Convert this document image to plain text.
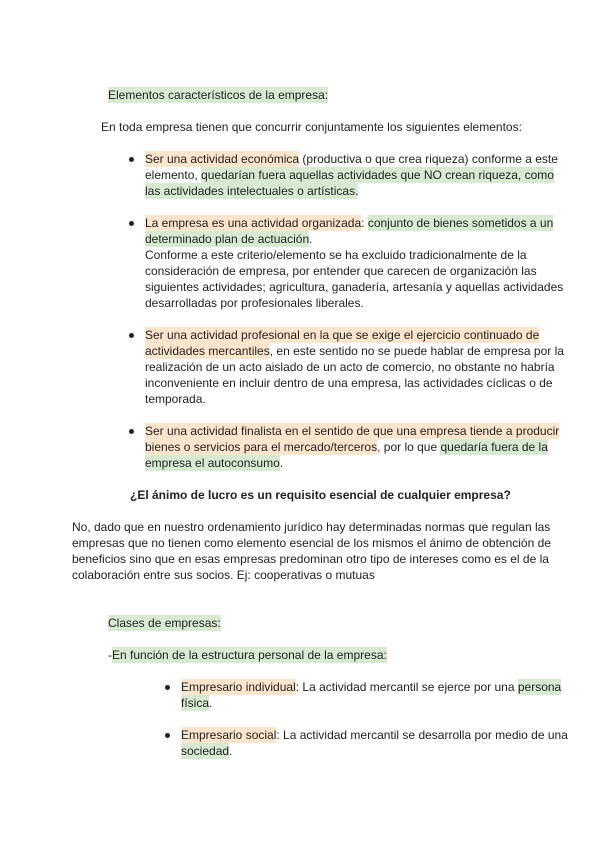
Elementos característicos de la empresa:
En toda empresa tienen que concurrir conjuntamente los siguientes elementos:
Ser una actividad económica (productiva o que crea riqueza) conforme a este
elemento, quedarían fuera aquellas actividades que NO crean riqueza, como
las actividades intelectuales o artísticas.
La empresa es una actividad organizada: conjunto de bienes sometidos a un
determinado plan de actuación.
Conforme a este criterio/elemento se ha excluido tradicionalmente de la
consideración de empresa, por entender que carecen de organización las
siguientes actividades; agricultura, ganadería, artesanía y aquellas actividades
desarrolladas por profesionales liberales.
Ser una actividad profesional en la que se exige el ejercicio continuado de
actividades mercantiles, en este sentido no se puede hablar de empresa por la
realización de un acto aislado de un acto de comercio, no obstante no habría
inconveniente en incluir dentro de una empresa, las actividades cíclicas o de
temporada.
Ser una actividad finalista en el sentido de que una empresa tiende a producir
bienes o servicios para el mercado/terceros, por lo que quedaría fuera de la
empresa el autoconsumo.
¿El ánimo de lucro es un requisito esencial de cualquier empresa?
No, dado que en nuestro ordenamiento jurídico hay determinadas normas que regulan las
empresas que no tienen como elemento esencial de los mismos el ánimo de obtención de
beneficios sino que en esas empresas predominan otro tipo de intereses como es el de la
colaboración entre sus socios. Ej: cooperativas o mutuas
Clases de empresas:
-En función de la estructura personal de la empresa:
Empresario individual: La actividad mercantil se ejerce por una persona
física.
Empresario social: La actividad mercantil se desarrolla por medio de una
sociedad.
